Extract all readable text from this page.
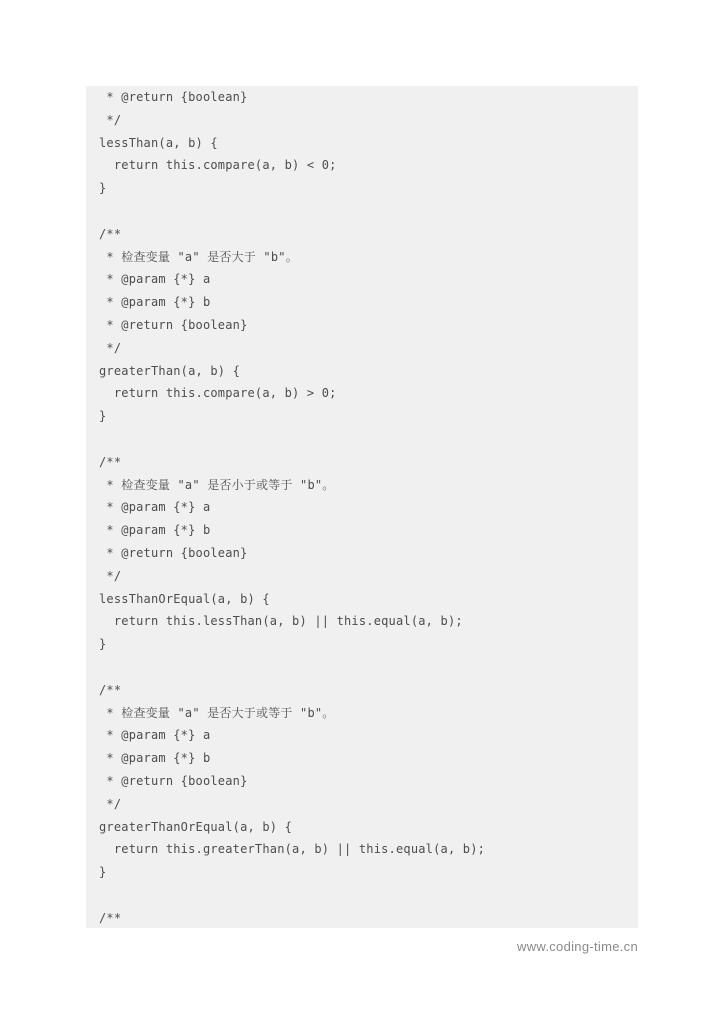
* @return {boolean}
*/
lessThan(a, b) {
return this.compare(a, b) < 0;
}
/**
* 检查变量 "a" 是否大于 "b"。
* @param {*} a
* @param {*} b
* @return {boolean}
*/
greaterThan(a, b) {
return this.compare(a, b) > 0;
}
/**
* 检查变量 "a" 是否小于或等于 "b"。
* @param {*} a
* @param {*} b
* @return {boolean}
*/
lessThanOrEqual(a, b) {
return this.lessThan(a, b) || this.equal(a, b);
}
/**
* 检查变量 "a" 是否大于或等于 "b"。
* @param {*} a
* @param {*} b
* @return {boolean}
*/
greaterThanOrEqual(a, b) {
return this.greaterThan(a, b) || this.equal(a, b);
}
/**
www.coding-time.cn
